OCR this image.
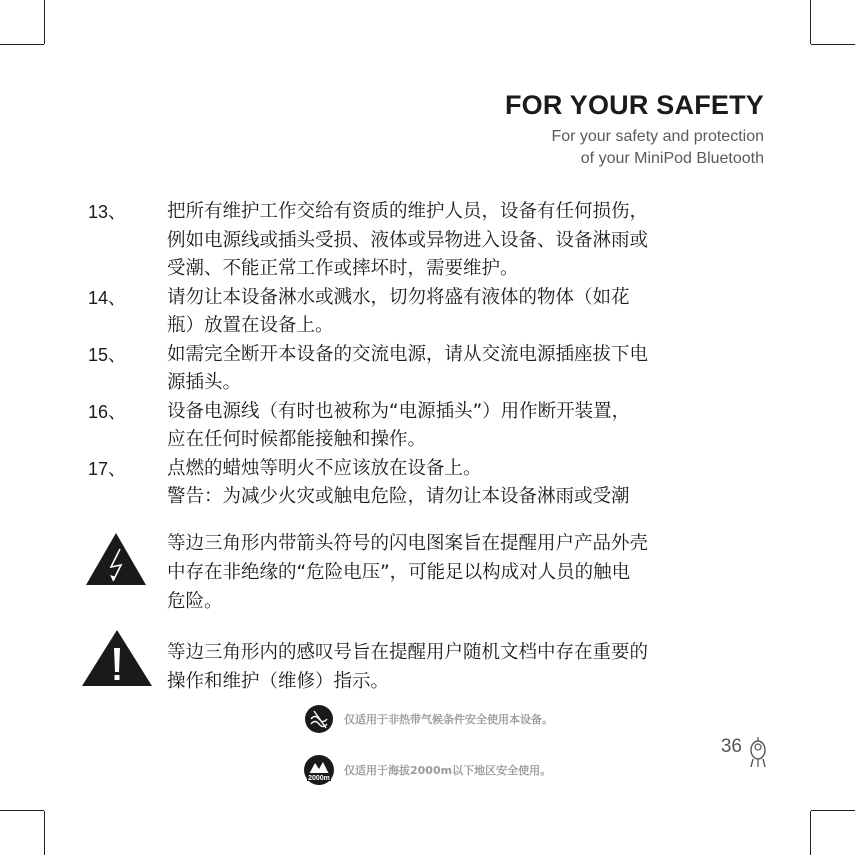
FOR YOUR SAFETY
For your safety and protection
of your MiniPod Bluetooth
13、	把所有维护工作交给有资质的维护人员，设备有任何损伤，
例如电源线或插头受损、液体或异物进入设备、设备淋雨或
受潮、不能正常工作或摔坏时，需要维护。
14、	请勿让本设备淋水或溅水，切勿将盛有液体的物体（如花
瓶）放置在设备上。
15、	如需完全断开本设备的交流电源，请从交流电源插座拔下电
源插头。
16、	设备电源线（有时也被称为“电源插头”）用作断开装置，
应在任何时候都能接触和操作。
17、	点燃的蜡烛等明火不应该放在设备上。
警告：为减少火灾或触电危险，请勿让本设备淋雨或受潮
等边三角形内带箭头符号的闪电图案旨在提醒用户产品外壳
中存在非绝缘的“危险电压”，可能足以构成对人员的触电
危险。
等边三角形内的感叹号旨在提醒用户随机文档中存在重要的
操作和维护（维修）指示。
仅适用于非热带气候条件安全使用本设备。
2000m
仅适用于海拔2000m以下地区安全使用。
36
